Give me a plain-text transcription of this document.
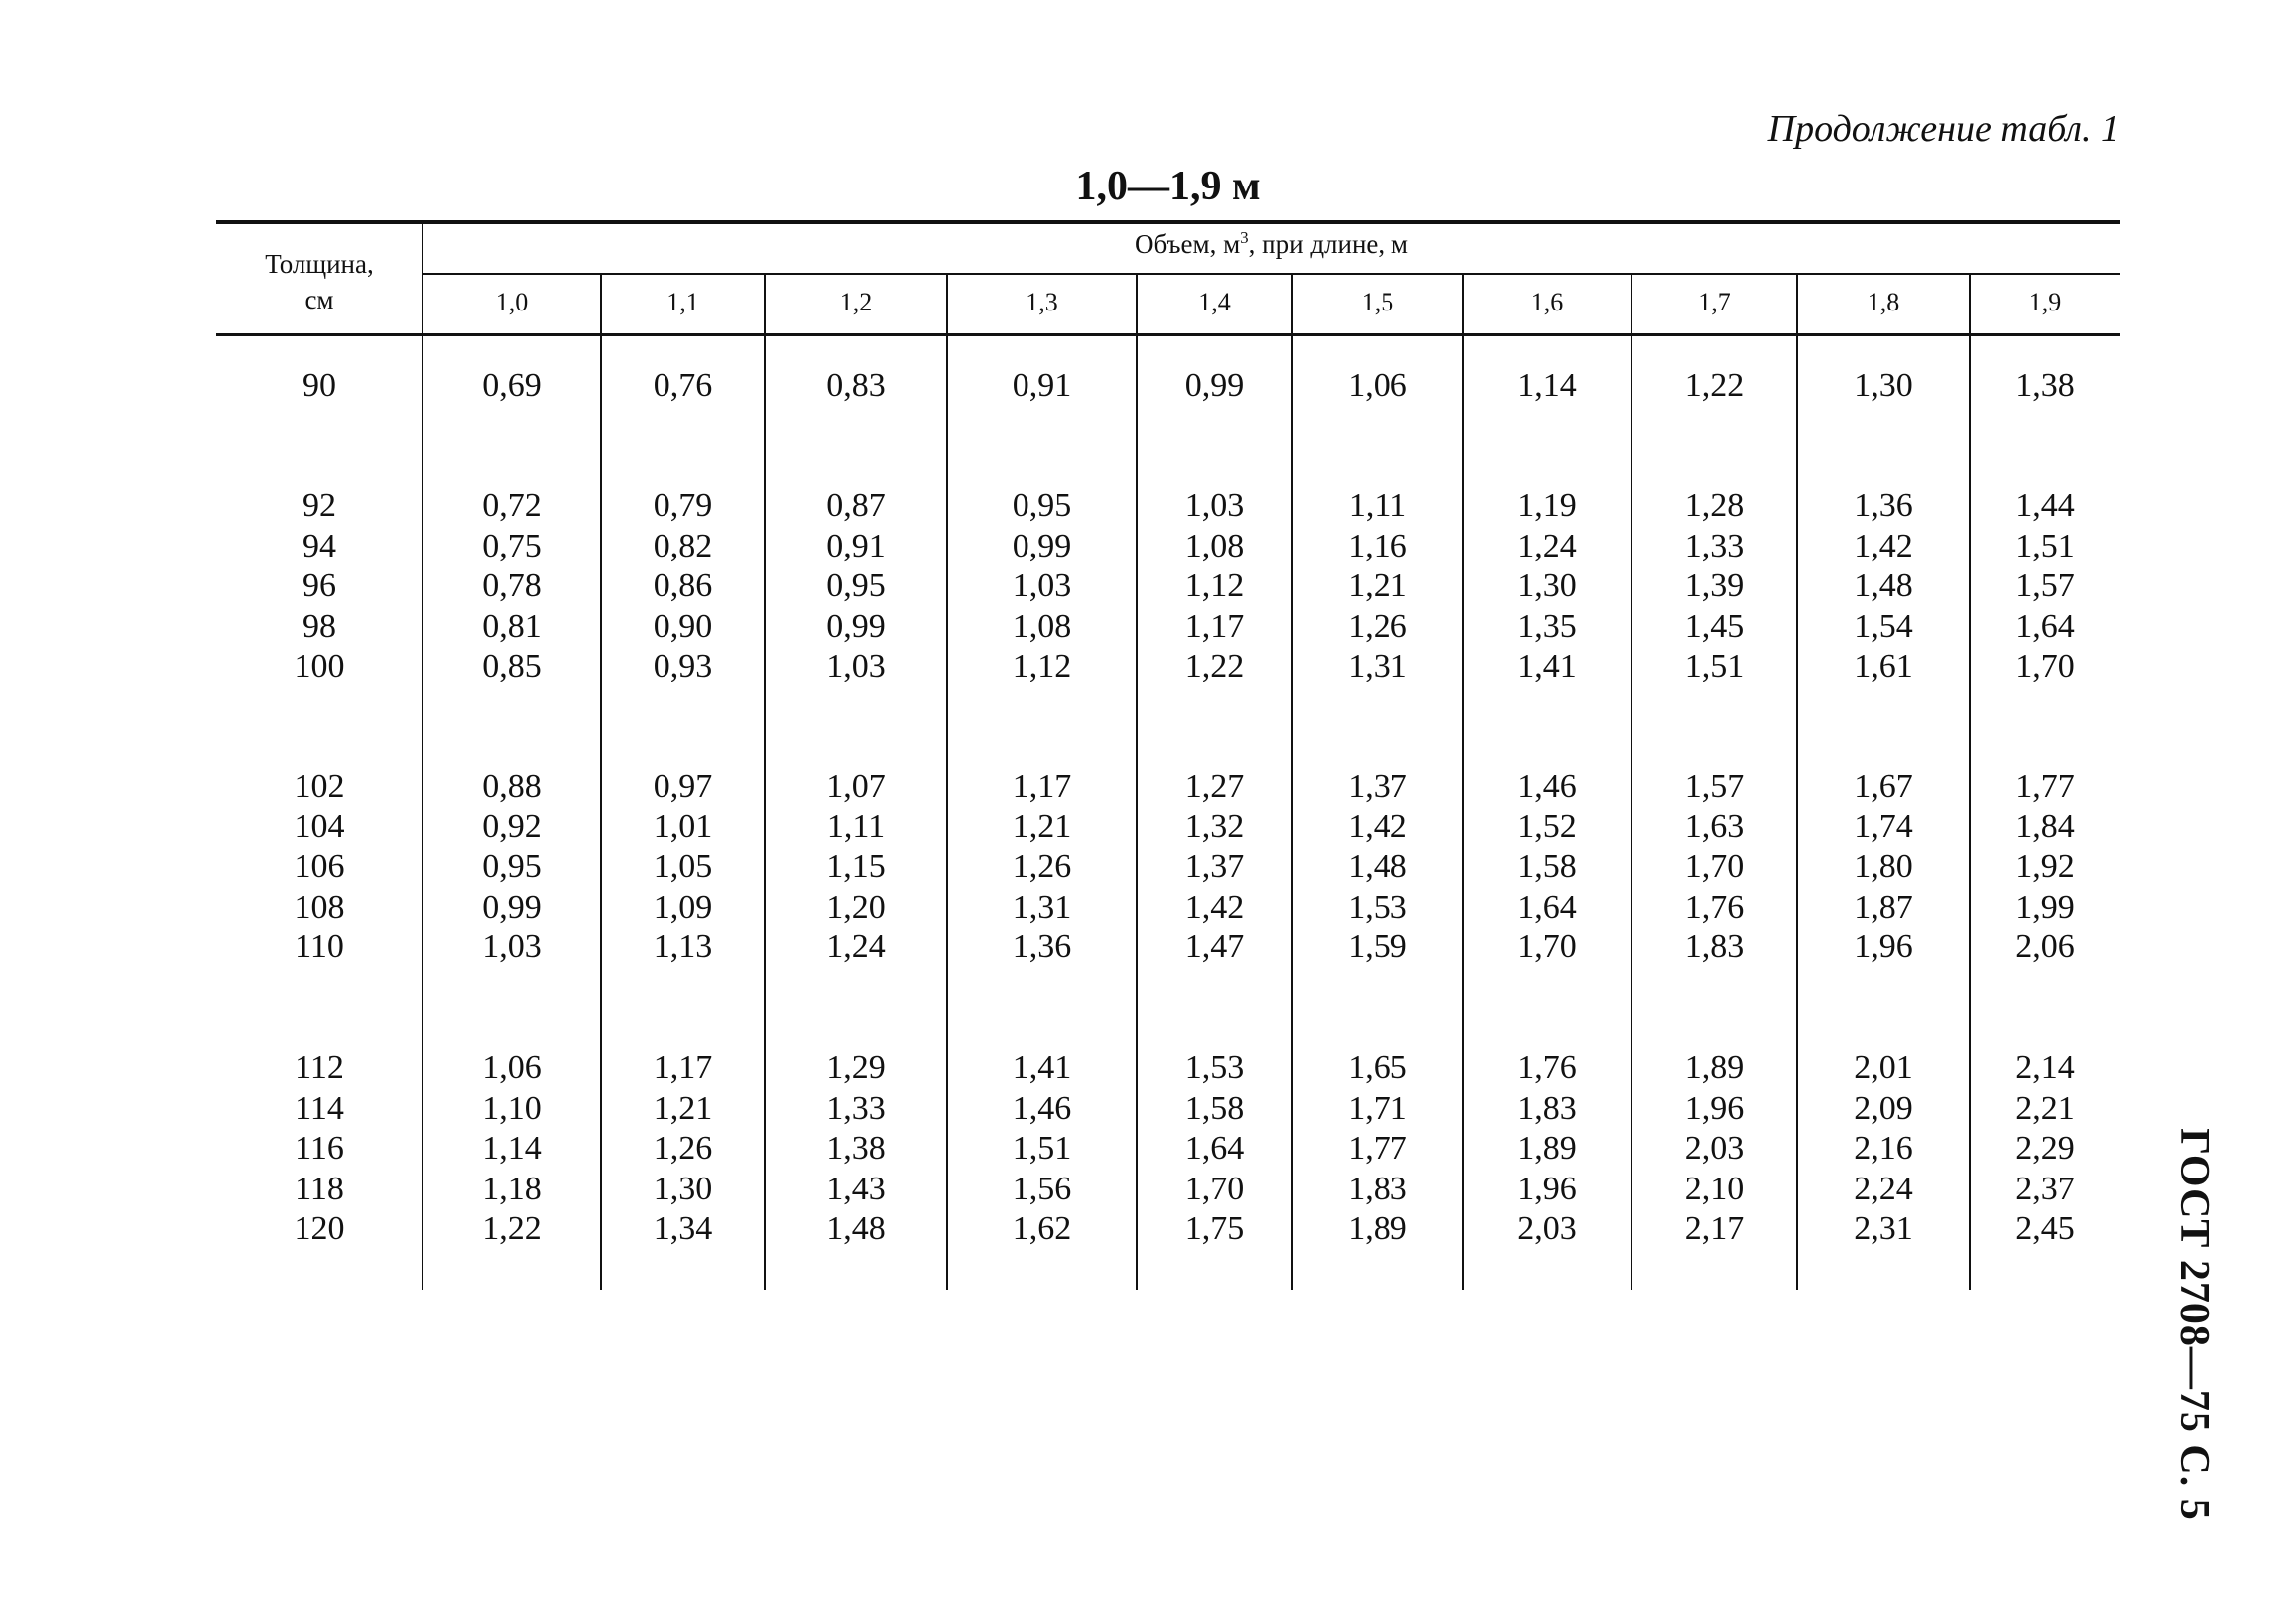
Продолжение табл. 1
1,0—1,9 м
ГОСТ 2708—75 С. 5
Толщина,
см
Объем, $м^3$, при длине, м
1,0	1,1	1,2	1,3	1,4	1,5	1,6	1,7	1,8	1,9
90	0,69	0,76	0,83	0,91	0,99	1,06	1,14	1,22	1,30	1,38
92	0,72	0,79	0,87	0,95	1,03	1,11	1,19	1,28	1,36	1,44
94	0,75	0,82	0,91	0,99	1,08	1,16	1,24	1,33	1,42	1,51
96	0,78	0,86	0,95	1,03	1,12	1,21	1,30	1,39	1,48	1,57
98	0,81	0,90	0,99	1,08	1,17	1,26	1,35	1,45	1,54	1,64
100	0,85	0,93	1,03	1,12	1,22	1,31	1,41	1,51	1,61	1,70
102	0,88	0,97	1,07	1,17	1,27	1,37	1,46	1,57	1,67	1,77
104	0,92	1,01	1,11	1,21	1,32	1,42	1,52	1,63	1,74	1,84
106	0,95	1,05	1,15	1,26	1,37	1,48	1,58	1,70	1,80	1,92
108	0,99	1,09	1,20	1,31	1,42	1,53	1,64	1,76	1,87	1,99
110	1,03	1,13	1,24	1,36	1,47	1,59	1,70	1,83	1,96	2,06
112	1,06	1,17	1,29	1,41	1,53	1,65	1,76	1,89	2,01	2,14
114	1,10	1,21	1,33	1,46	1,58	1,71	1,83	1,96	2,09	2,21
116	1,14	1,26	1,38	1,51	1,64	1,77	1,89	2,03	2,16	2,29
118	1,18	1,30	1,43	1,56	1,70	1,83	1,96	2,10	2,24	2,37
120	1,22	1,34	1,48	1,62	1,75	1,89	2,03	2,17	2,31	2,45
